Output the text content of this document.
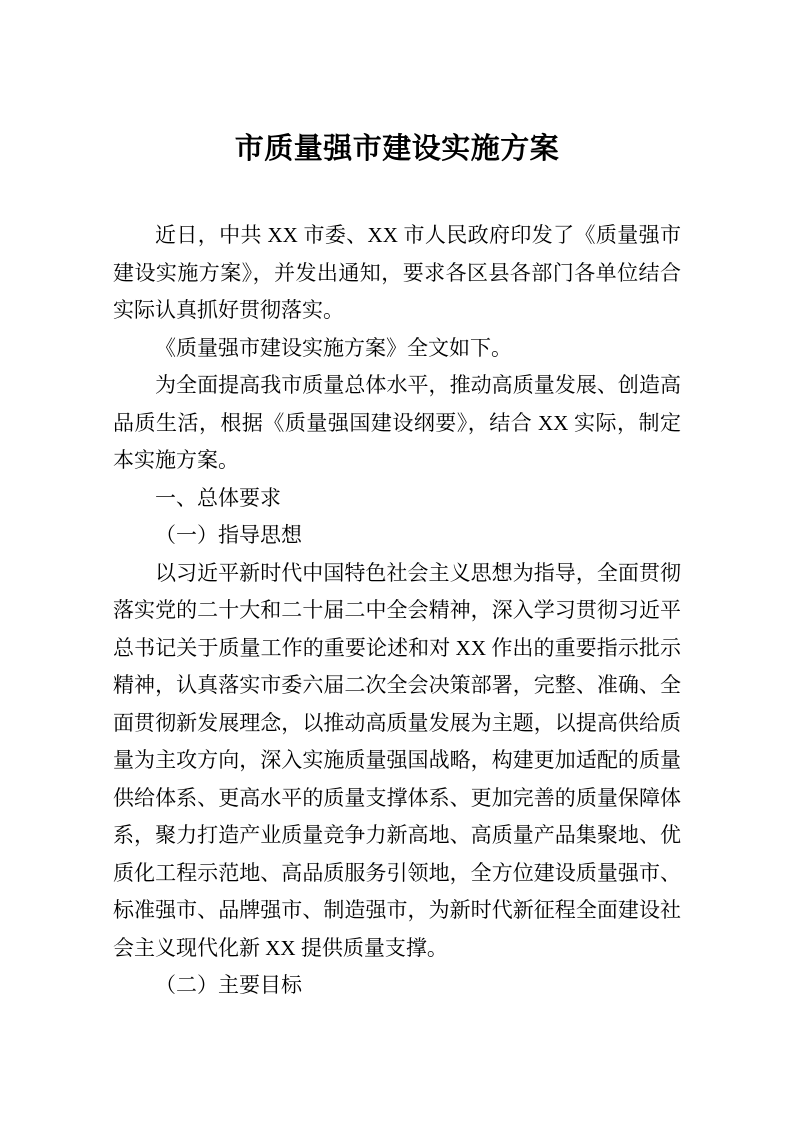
市质量强市建设实施方案

近日，中共 XX 市委、XX 市人民政府印发了《质量强市建设实施方案》，并发出通知，要求各区县各部门各单位结合实际认真抓好贯彻落实。

《质量强市建设实施方案》全文如下。

为全面提高我市质量总体水平，推动高质量发展、创造高品质生活，根据《质量强国建设纲要》，结合 XX 实际，制定本实施方案。

一、总体要求

（一）指导思想

以习近平新时代中国特色社会主义思想为指导，全面贯彻落实党的二十大和二十届二中全会精神，深入学习贯彻习近平总书记关于质量工作的重要论述和对 XX 作出的重要指示批示精神，认真落实市委六届二次全会决策部署，完整、准确、全面贯彻新发展理念，以推动高质量发展为主题，以提高供给质量为主攻方向，深入实施质量强国战略，构建更加适配的质量供给体系、更高水平的质量支撑体系、更加完善的质量保障体系，聚力打造产业质量竞争力新高地、高质量产品集聚地、优质化工程示范地、高品质服务引领地，全方位建设质量强市、标准强市、品牌强市、制造强市，为新时代新征程全面建设社会主义现代化新 XX 提供质量支撑。

（二）主要目标
